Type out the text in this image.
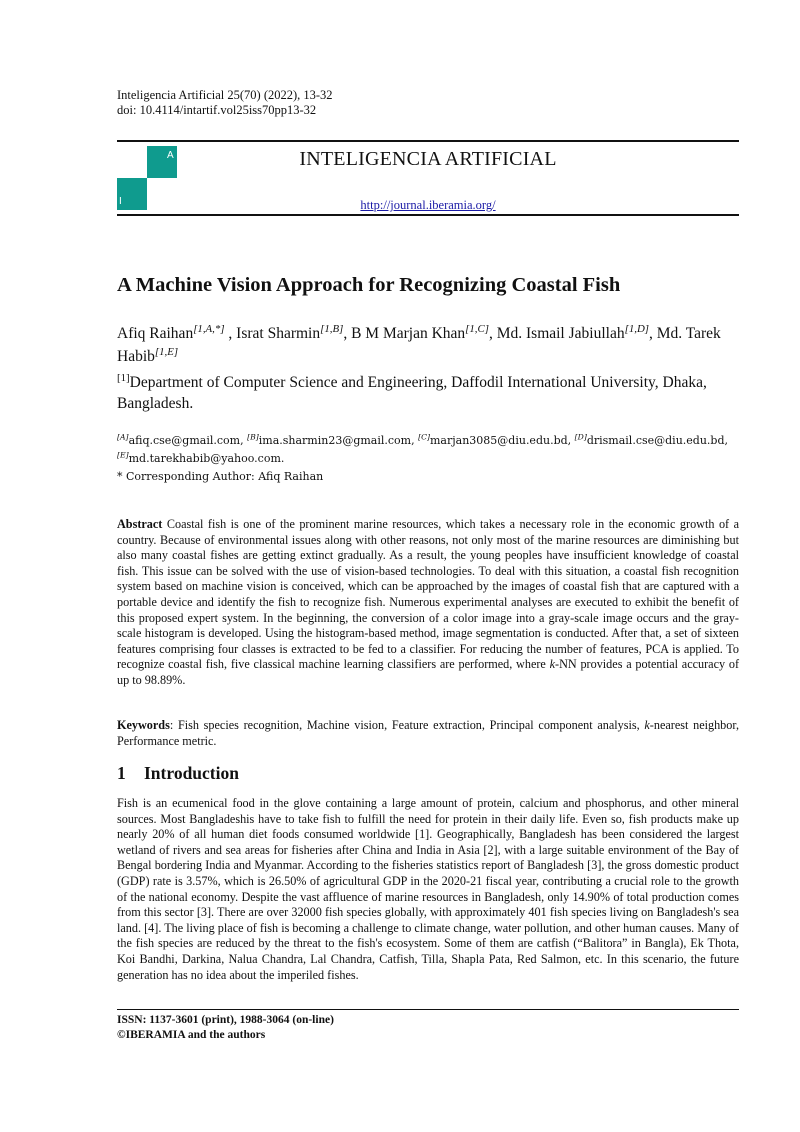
Inteligencia Artificial 25(70) (2022), 13-32
doi: 10.4114/intartif.vol25iss70pp13-32
A
I
INTELIGENCIA ARTIFICIAL
http://journal.iberamia.org/
A Machine Vision Approach for Recognizing Coastal Fish
Afiq Raihan[1,A,*] , Israt Sharmin[1,B], B M Marjan Khan[1,C], Md. Ismail Jabiullah[1,D], Md. Tarek Habib[1,E]
[1]Department of Computer Science and Engineering, Daffodil International University, Dhaka, Bangladesh.
[A]afiq.cse@gmail.com, [B]ima.sharmin23@gmail.com, [C]marjan3085@diu.edu.bd, [D]drismail.cse@diu.edu.bd,
[E]md.tarekhabib@yahoo.com.
* Corresponding Author: Afiq Raihan
Abstract Coastal fish is one of the prominent marine resources, which takes a necessary role in the economic growth of a country. Because of environmental issues along with other reasons, not only most of the marine resources are diminishing but also many coastal fishes are getting extinct gradually. As a result, the young peoples have insufficient knowledge of coastal fish. This issue can be solved with the use of vision-based technologies. To deal with this situation, a coastal fish recognition system based on machine vision is conceived, which can be approached by the images of coastal fish that are captured with a portable device and identify the fish to recognize fish. Numerous experimental analyses are executed to exhibit the benefit of this proposed expert system. In the beginning, the conversion of a color image into a gray-scale image occurs and the gray-scale histogram is developed. Using the histogram-based method, image segmentation is conducted. After that, a set of sixteen features comprising four classes is extracted to be fed to a classifier. For reducing the number of features, PCA is applied. To recognize coastal fish, five classical machine learning classifiers are performed, where k-NN provides a potential accuracy of up to 98.89%.
Keywords: Fish species recognition, Machine vision, Feature extraction, Principal component analysis, k-nearest neighbor, Performance metric.
1 Introduction
Fish is an ecumenical food in the glove containing a large amount of protein, calcium and phosphorus, and other mineral sources. Most Bangladeshis have to take fish to fulfill the need for protein in their daily life. Even so, fish products make up nearly 20% of all human diet foods consumed worldwide [1]. Geographically, Bangladesh has been considered the largest wetland of rivers and sea areas for fisheries after China and India in Asia [2], with a large suitable environment of the Bay of Bengal bordering India and Myanmar. According to the fisheries statistics report of Bangladesh [3], the gross domestic product (GDP) rate is 3.57%, which is 26.50% of agricultural GDP in the 2020-21 fiscal year, contributing a crucial role to the growth of the national economy. Despite the vast affluence of marine resources in Bangladesh, only 14.90% of total production comes from this sector [3]. There are over 32000 fish species globally, with approximately 401 fish species living on Bangladesh's sea land. [4]. The living place of fish is becoming a challenge to climate change, water pollution, and other human causes. Many of the fish species are reduced by the threat to the fish's ecosystem. Some of them are catfish (“Balitora” in Bangla), Ek Thota, Koi Bandhi, Darkina, Nalua Chandra, Lal Chandra, Catfish, Tilla, Shapla Pata, Red Salmon, etc. In this scenario, the future generation has no idea about the imperiled fishes.
ISSN: 1137-3601 (print), 1988-3064 (on-line)
©IBERAMIA and the authors
